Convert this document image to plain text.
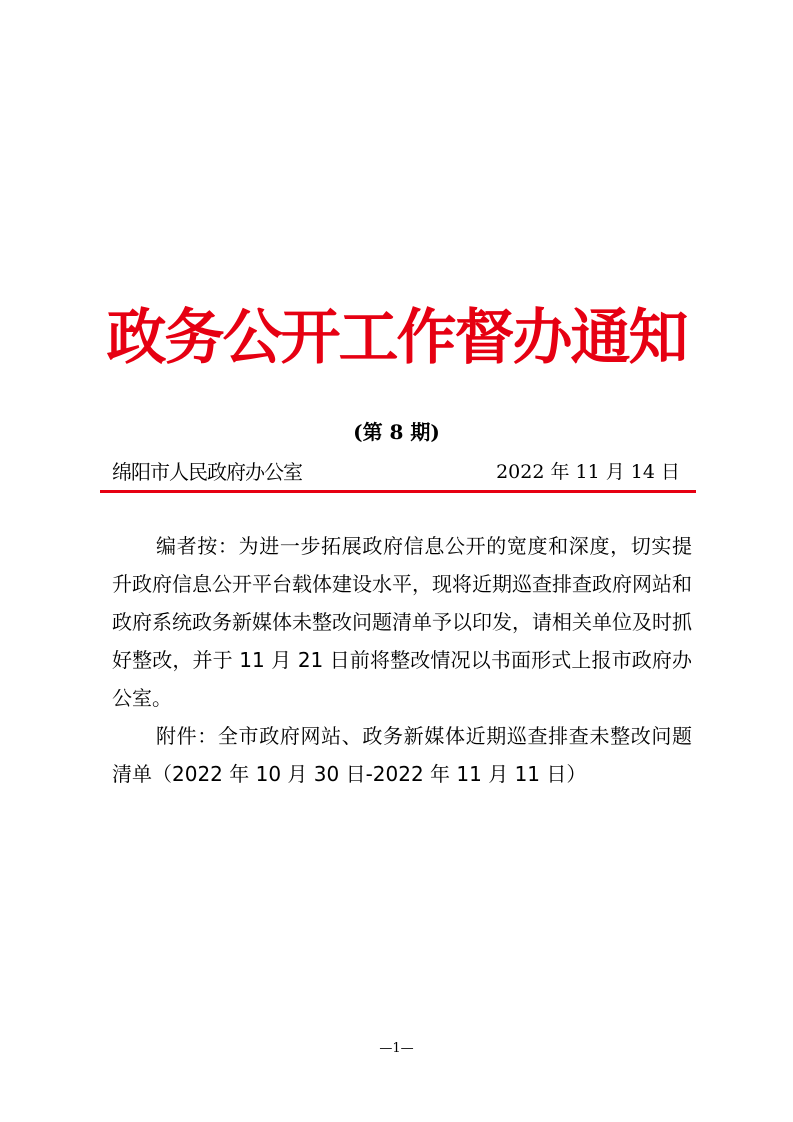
政务公开工作督办通知
(第 8 期)
绵阳市人民政府办公室	2022 年 11 月 14 日

编者按：为进一步拓展政府信息公开的宽度和深度，切实提升政府信息公开平台载体建设水平，现将近期巡查排查政府网站和政府系统政务新媒体未整改问题清单予以印发，请相关单位及时抓好整改，并于 11 月 21 日前将整改情况以书面形式上报市政府办公室。

附件：全市政府网站、政务新媒体近期巡查排查未整改问题清单（2022 年 10 月 30 日-2022 年 11 月 11 日）

—1—
